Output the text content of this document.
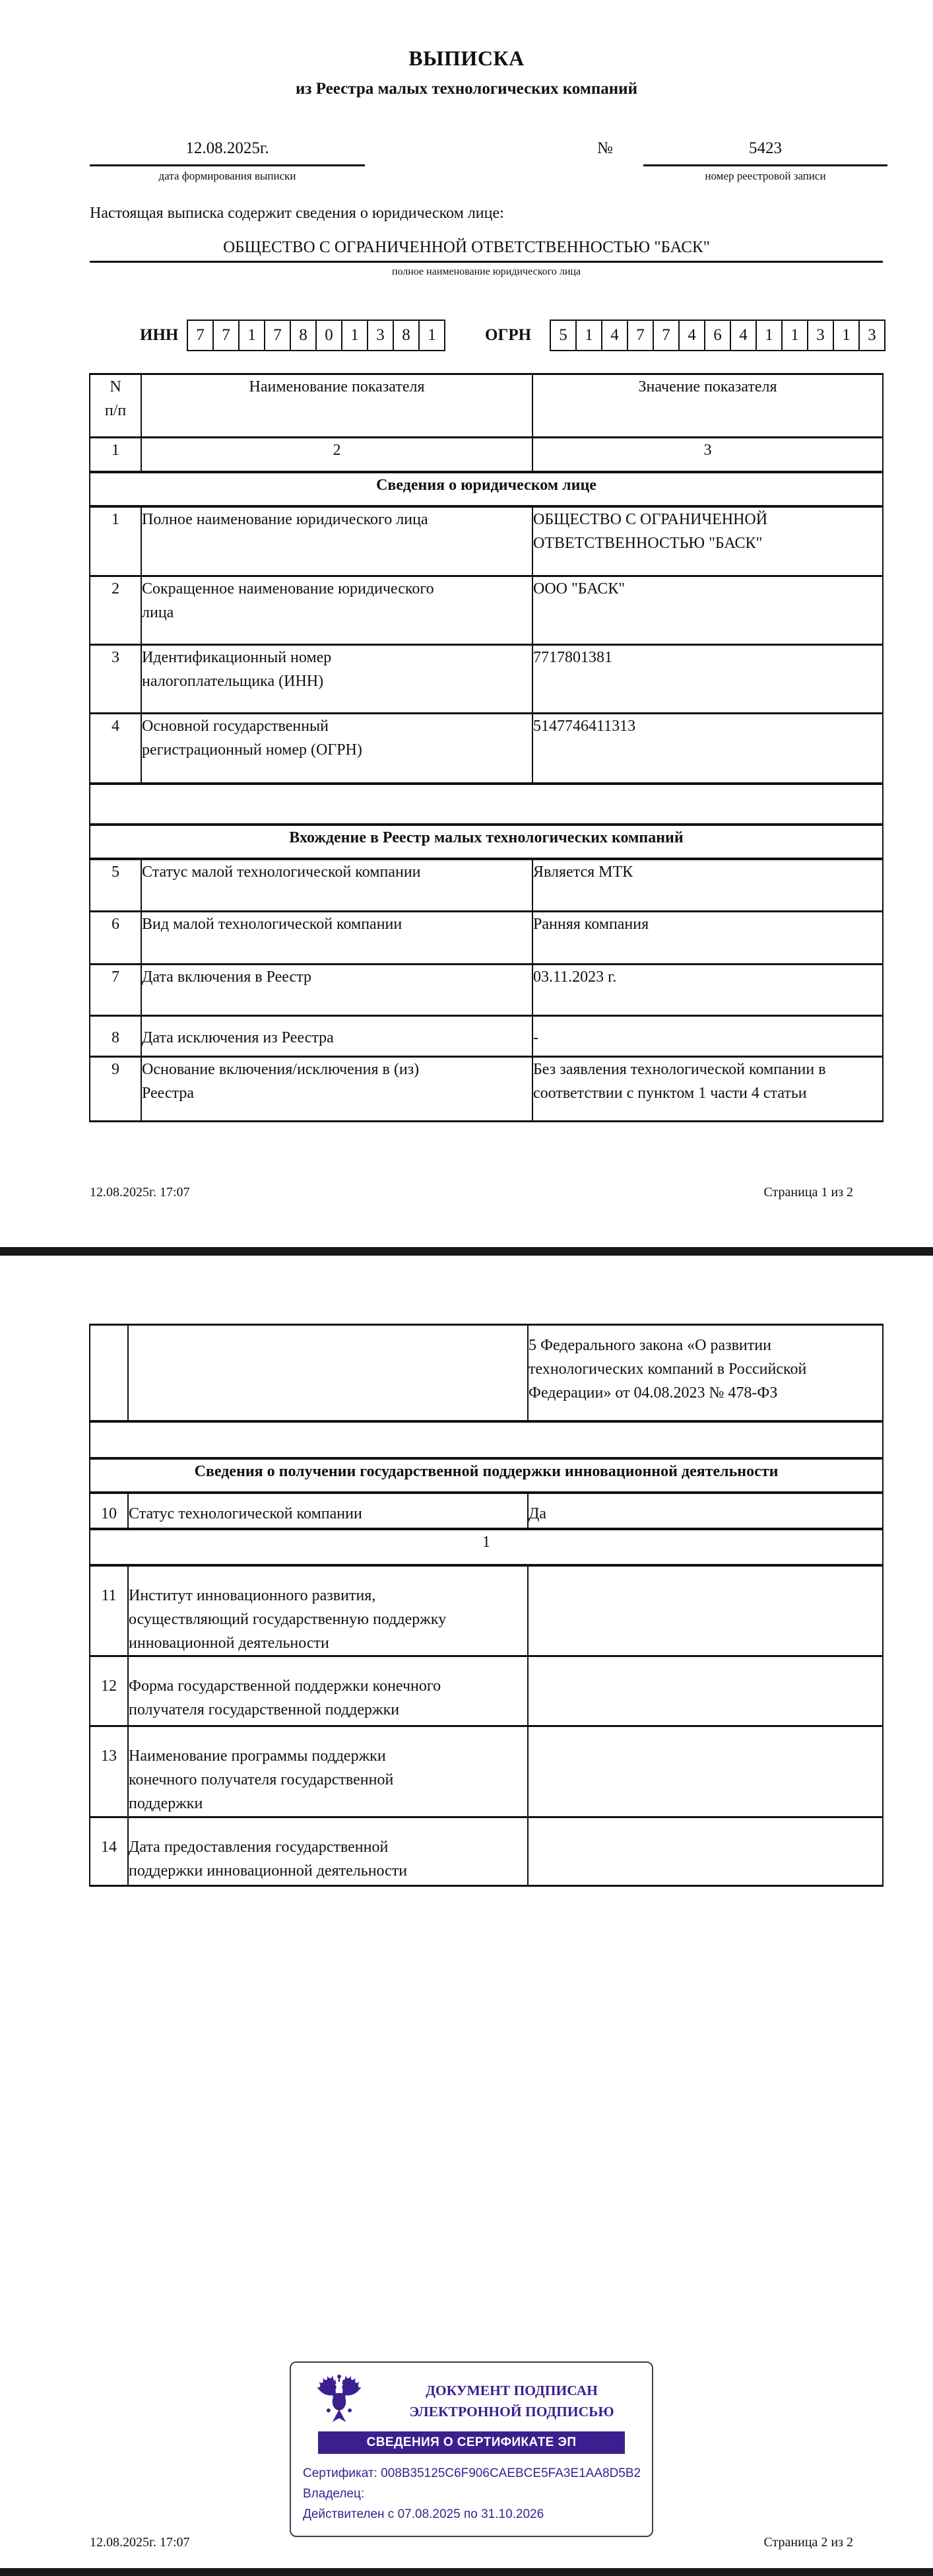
ВЫПИСКА
из Реестра малых технологических компаний
12.08.2025г.
дата формирования выписки
№	5423
номер реестровой записи
Настоящая выписка содержит сведения о юридическом лице:
ОБЩЕСТВО С ОГРАНИЧЕННОЙ ОТВЕТСТВЕННОСТЬЮ "БАСК"
полное наименование юридического лица
ИНН	7	7	1	7	8	0	1	3	8	1	ОГРН	5	1	4	7	7	4	6	4	1	1	3	1	3
N
п/п	Наименование показателя	Значение показателя
1	2	3
Сведения о юридическом лице		
1	Полное наименование юридического лица	ОБЩЕСТВО С ОГРАНИЧЕННОЙ ОТВЕТСТВЕННОСТЬЮ "БАСК"
2	Сокращенное наименование юридического лица	ООО "БАСК"
3	Идентификационный номер налогоплательщика (ИНН)	7717801381
4	Основной государственный регистрационный номер (ОГРН)	5147746411313

Вхождение в Реестр малых технологических компаний		
5	Статус малой технологической компании	Является МТК
6	Вид малой технологической компании	Ранняя компания
7	Дата включения в Реестр	03.11.2023 г.
8	Дата исключения из Реестра	-
9	Основание включения/исключения в (из) Реестра	Без заявления технологической компании в соответствии с пунктом 1 части 4 статьи
12.08.2025г. 17:07	Страница 1 из 2
		5 Федерального закона «О развитии технологических компаний в Российской Федерации» от 04.08.2023 № 478-ФЗ

Сведения о получении государственной поддержки инновационной деятельности		
10	Статус технологической компании	Да
1		
11	Институт инновационного развития, осуществляющий государственную поддержку инновационной деятельности	
12	Форма государственной поддержки конечного получателя государственной поддержки	
13	Наименование программы поддержки конечного получателя государственной поддержки	
14	Дата предоставления государственной поддержки инновационной деятельности	
ДОКУМЕНТ ПОДПИСАН
ЭЛЕКТРОННОЙ ПОДПИСЬЮ
СВЕДЕНИЯ О СЕРТИФИКАТЕ ЭП
Сертификат: 008B35125C6F906CAEBCE5FA3E1AA8D5B2
Владелец:
Действителен с 07.08.2025 по 31.10.2026
12.08.2025г. 17:07	Страница 2 из 2
